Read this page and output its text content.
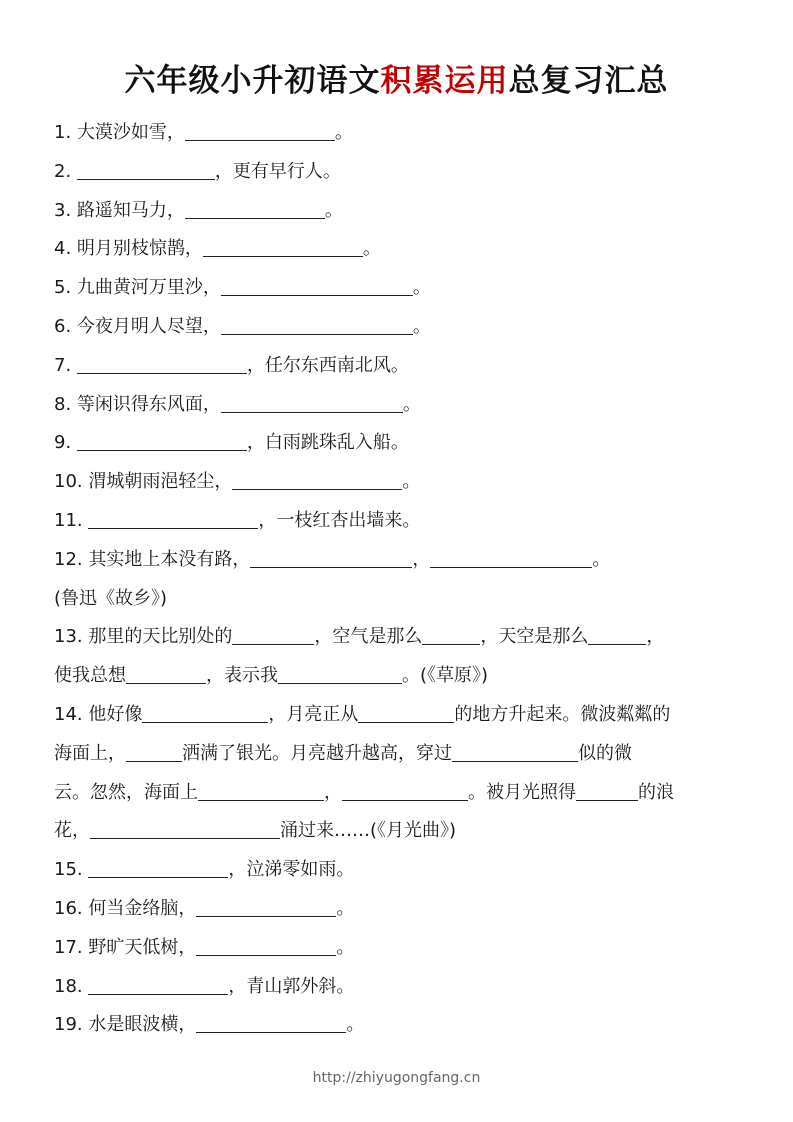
六年级小升初语文积累运用总复习汇总
1. 大漠沙如雪，	。
2.	，更有早行人。
3. 路遥知马力，	。
4. 明月别枝惊鹊，	。
5. 九曲黄河万里沙，	。
6. 今夜月明人尽望，	。
7.	，任尔东西南北风。
8. 等闲识得东风面，	。
9.	，白雨跳珠乱入船。
10. 渭城朝雨浥轻尘，	。
11.	，一枝红杏出墙来。
12. 其实地上本没有路，	，	。
(鲁迅《故乡》)
13. 那里的天比别处的	，空气是那么	，天空是那么	，
使我总想	，表示我	。(《草原》)
14. 他好像	，月亮正从	的地方升起来。微波粼粼的
海面上，	洒满了银光。月亮越升越高，穿过	似的微
云。忽然，海面上	，	。被月光照得	的浪
花，	涌过来……(《月光曲》)
15.	，泣涕零如雨。
16. 何当金络脑，	。
17. 野旷天低树，	。
18.	，青山郭外斜。
19. 水是眼波横，	。
http://zhiyugongfang.cn
